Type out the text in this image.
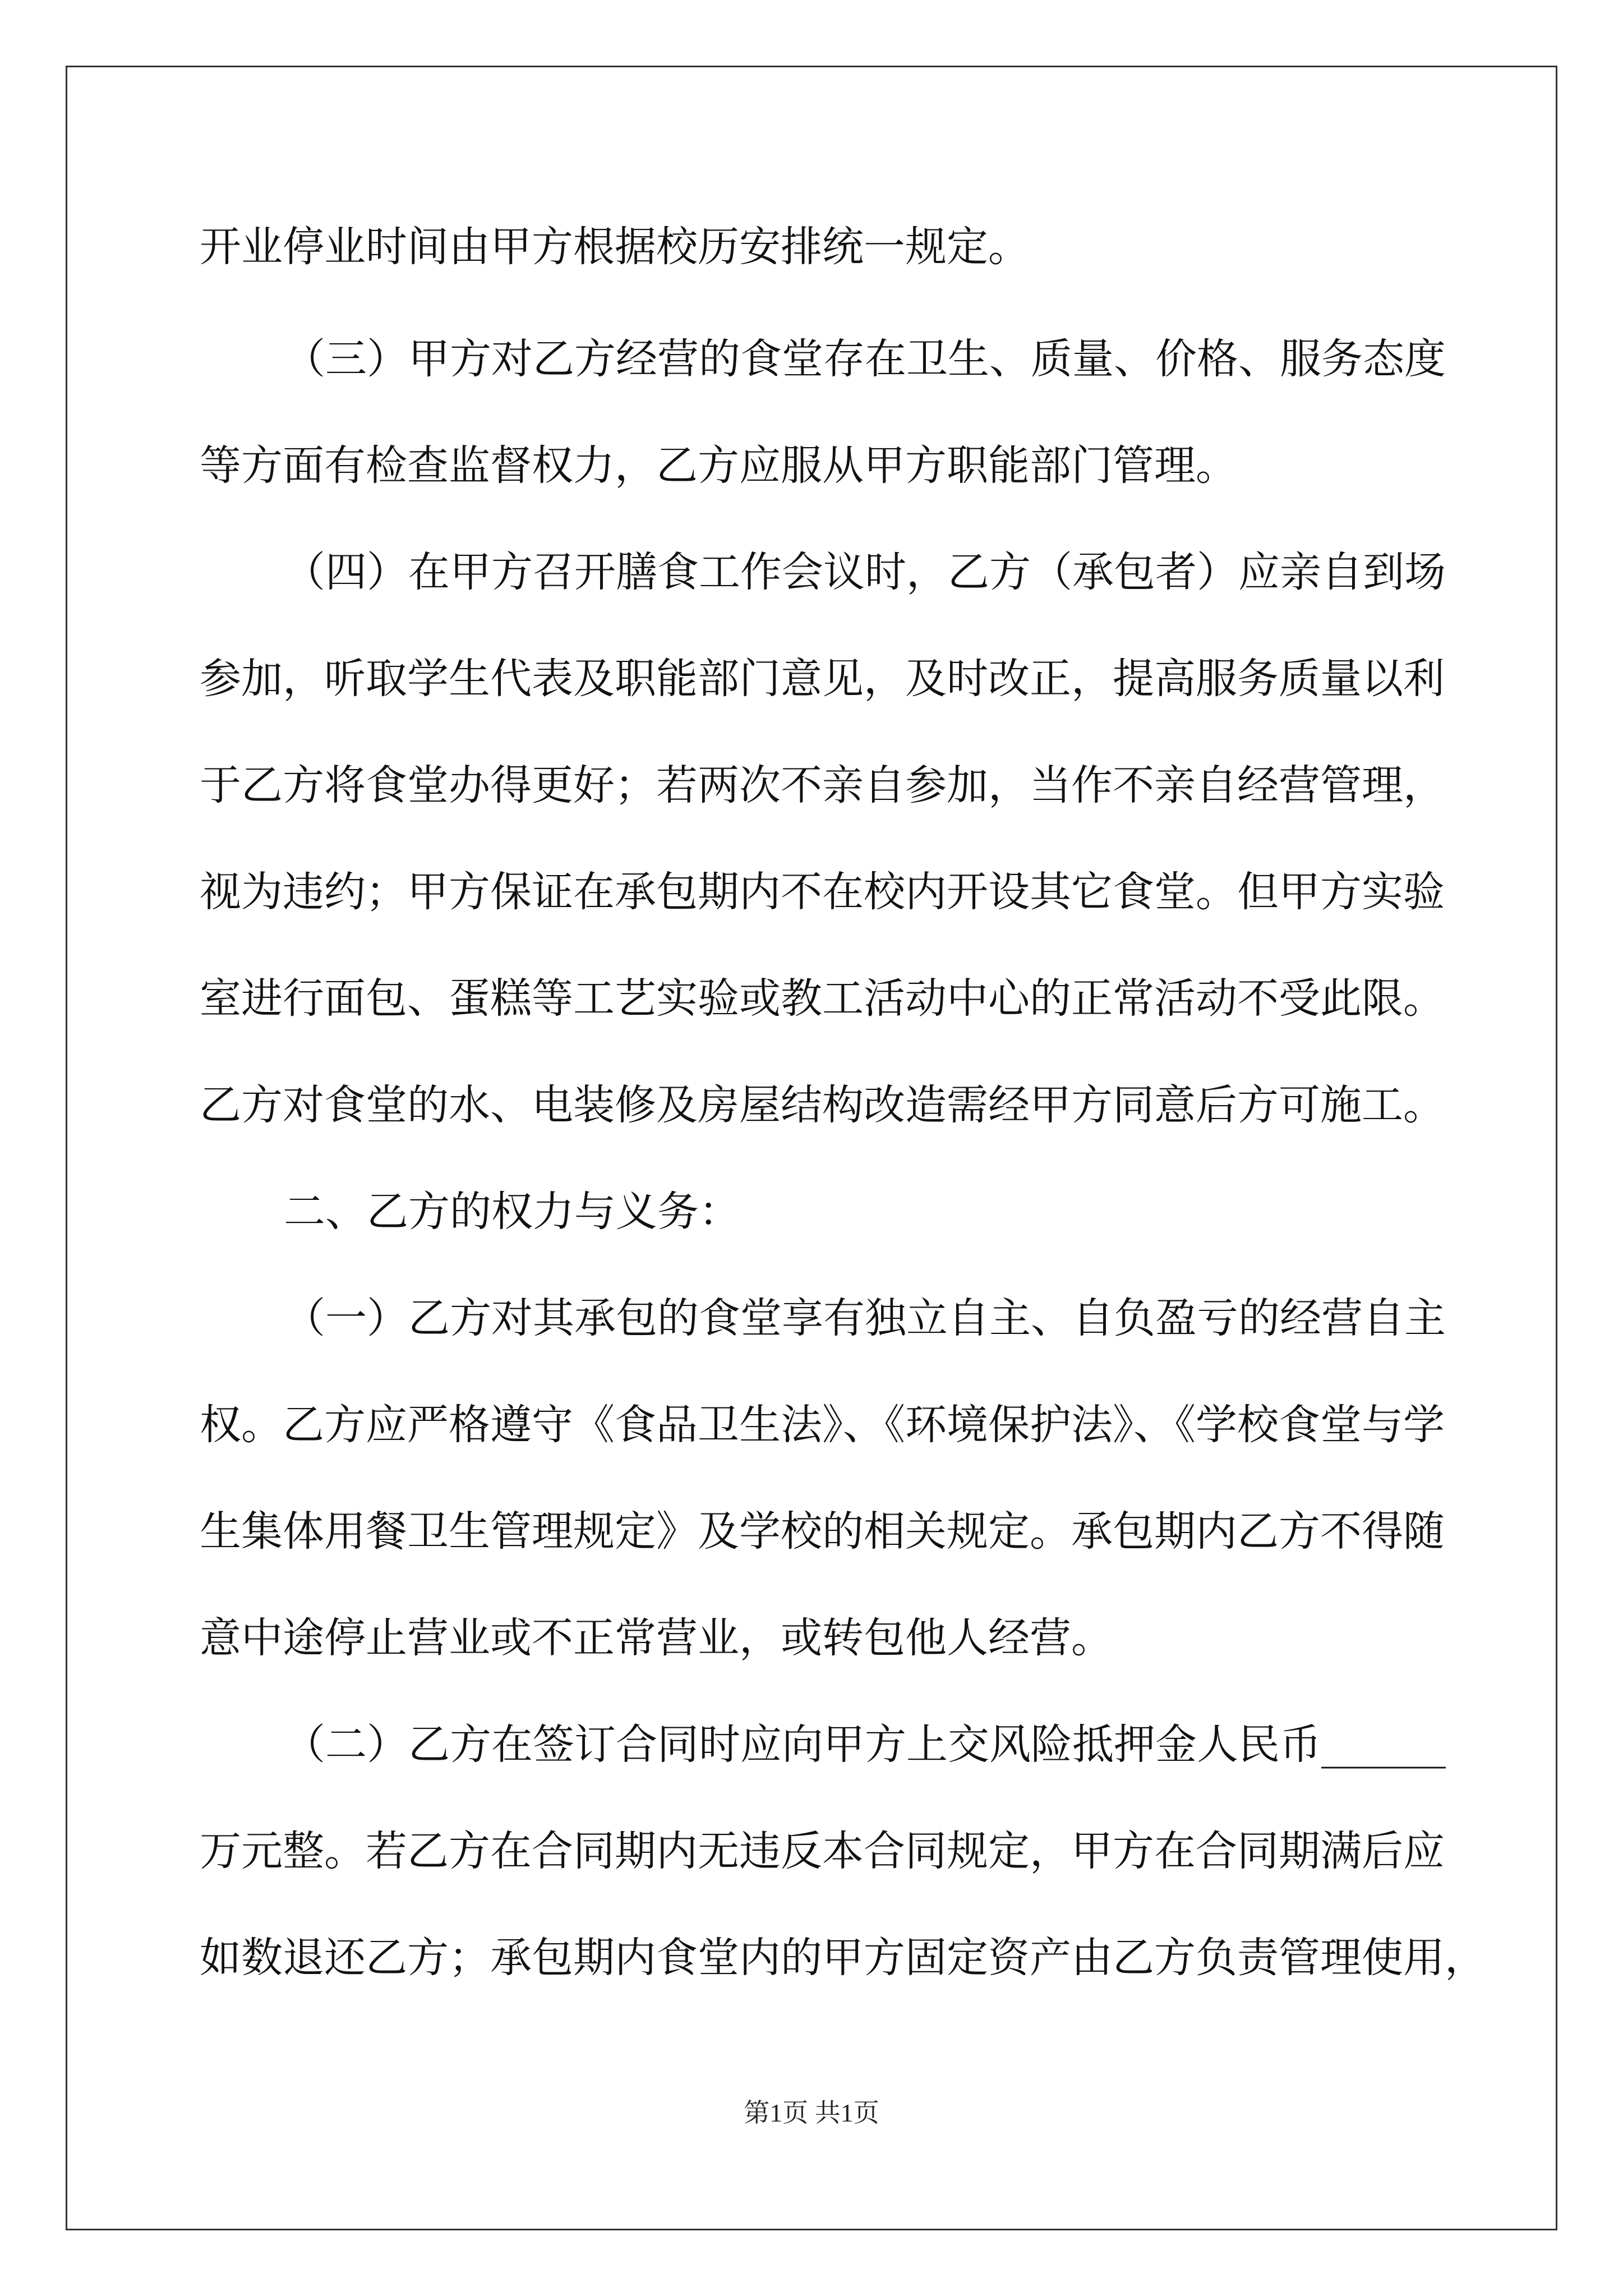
开业停业时间由甲方根据校历安排统一规定。
（三）甲方对乙方经营的食堂存在卫生、质量、价格、服务态度
等方面有检查监督权力，乙方应服从甲方职能部门管理。
（四）在甲方召开膳食工作会议时，乙方（承包者）应亲自到场
参加，听取学生代表及职能部门意见，及时改正，提高服务质量以利
于乙方将食堂办得更好；若两次不亲自参加，当作不亲自经营管理，
视为违约；甲方保证在承包期内不在校内开设其它食堂。但甲方实验
室进行面包、蛋糕等工艺实验或教工活动中心的正常活动不受此限。
乙方对食堂的水、电装修及房屋结构改造需经甲方同意后方可施工。
二、乙方的权力与义务：
（一）乙方对其承包的食堂享有独立自主、自负盈亏的经营自主
权。乙方应严格遵守《食品卫生法》、《环境保护法》、《学校食堂与学
生集体用餐卫生管理规定》及学校的相关规定。承包期内乙方不得随
意中途停止营业或不正常营业，或转包他人经营。
（二）乙方在签订合同时应向甲方上交风险抵押金人民币______
万元整。若乙方在合同期内无违反本合同规定，甲方在合同期满后应
如数退还乙方；承包期内食堂内的甲方固定资产由乙方负责管理使用，
第1页 共1页
